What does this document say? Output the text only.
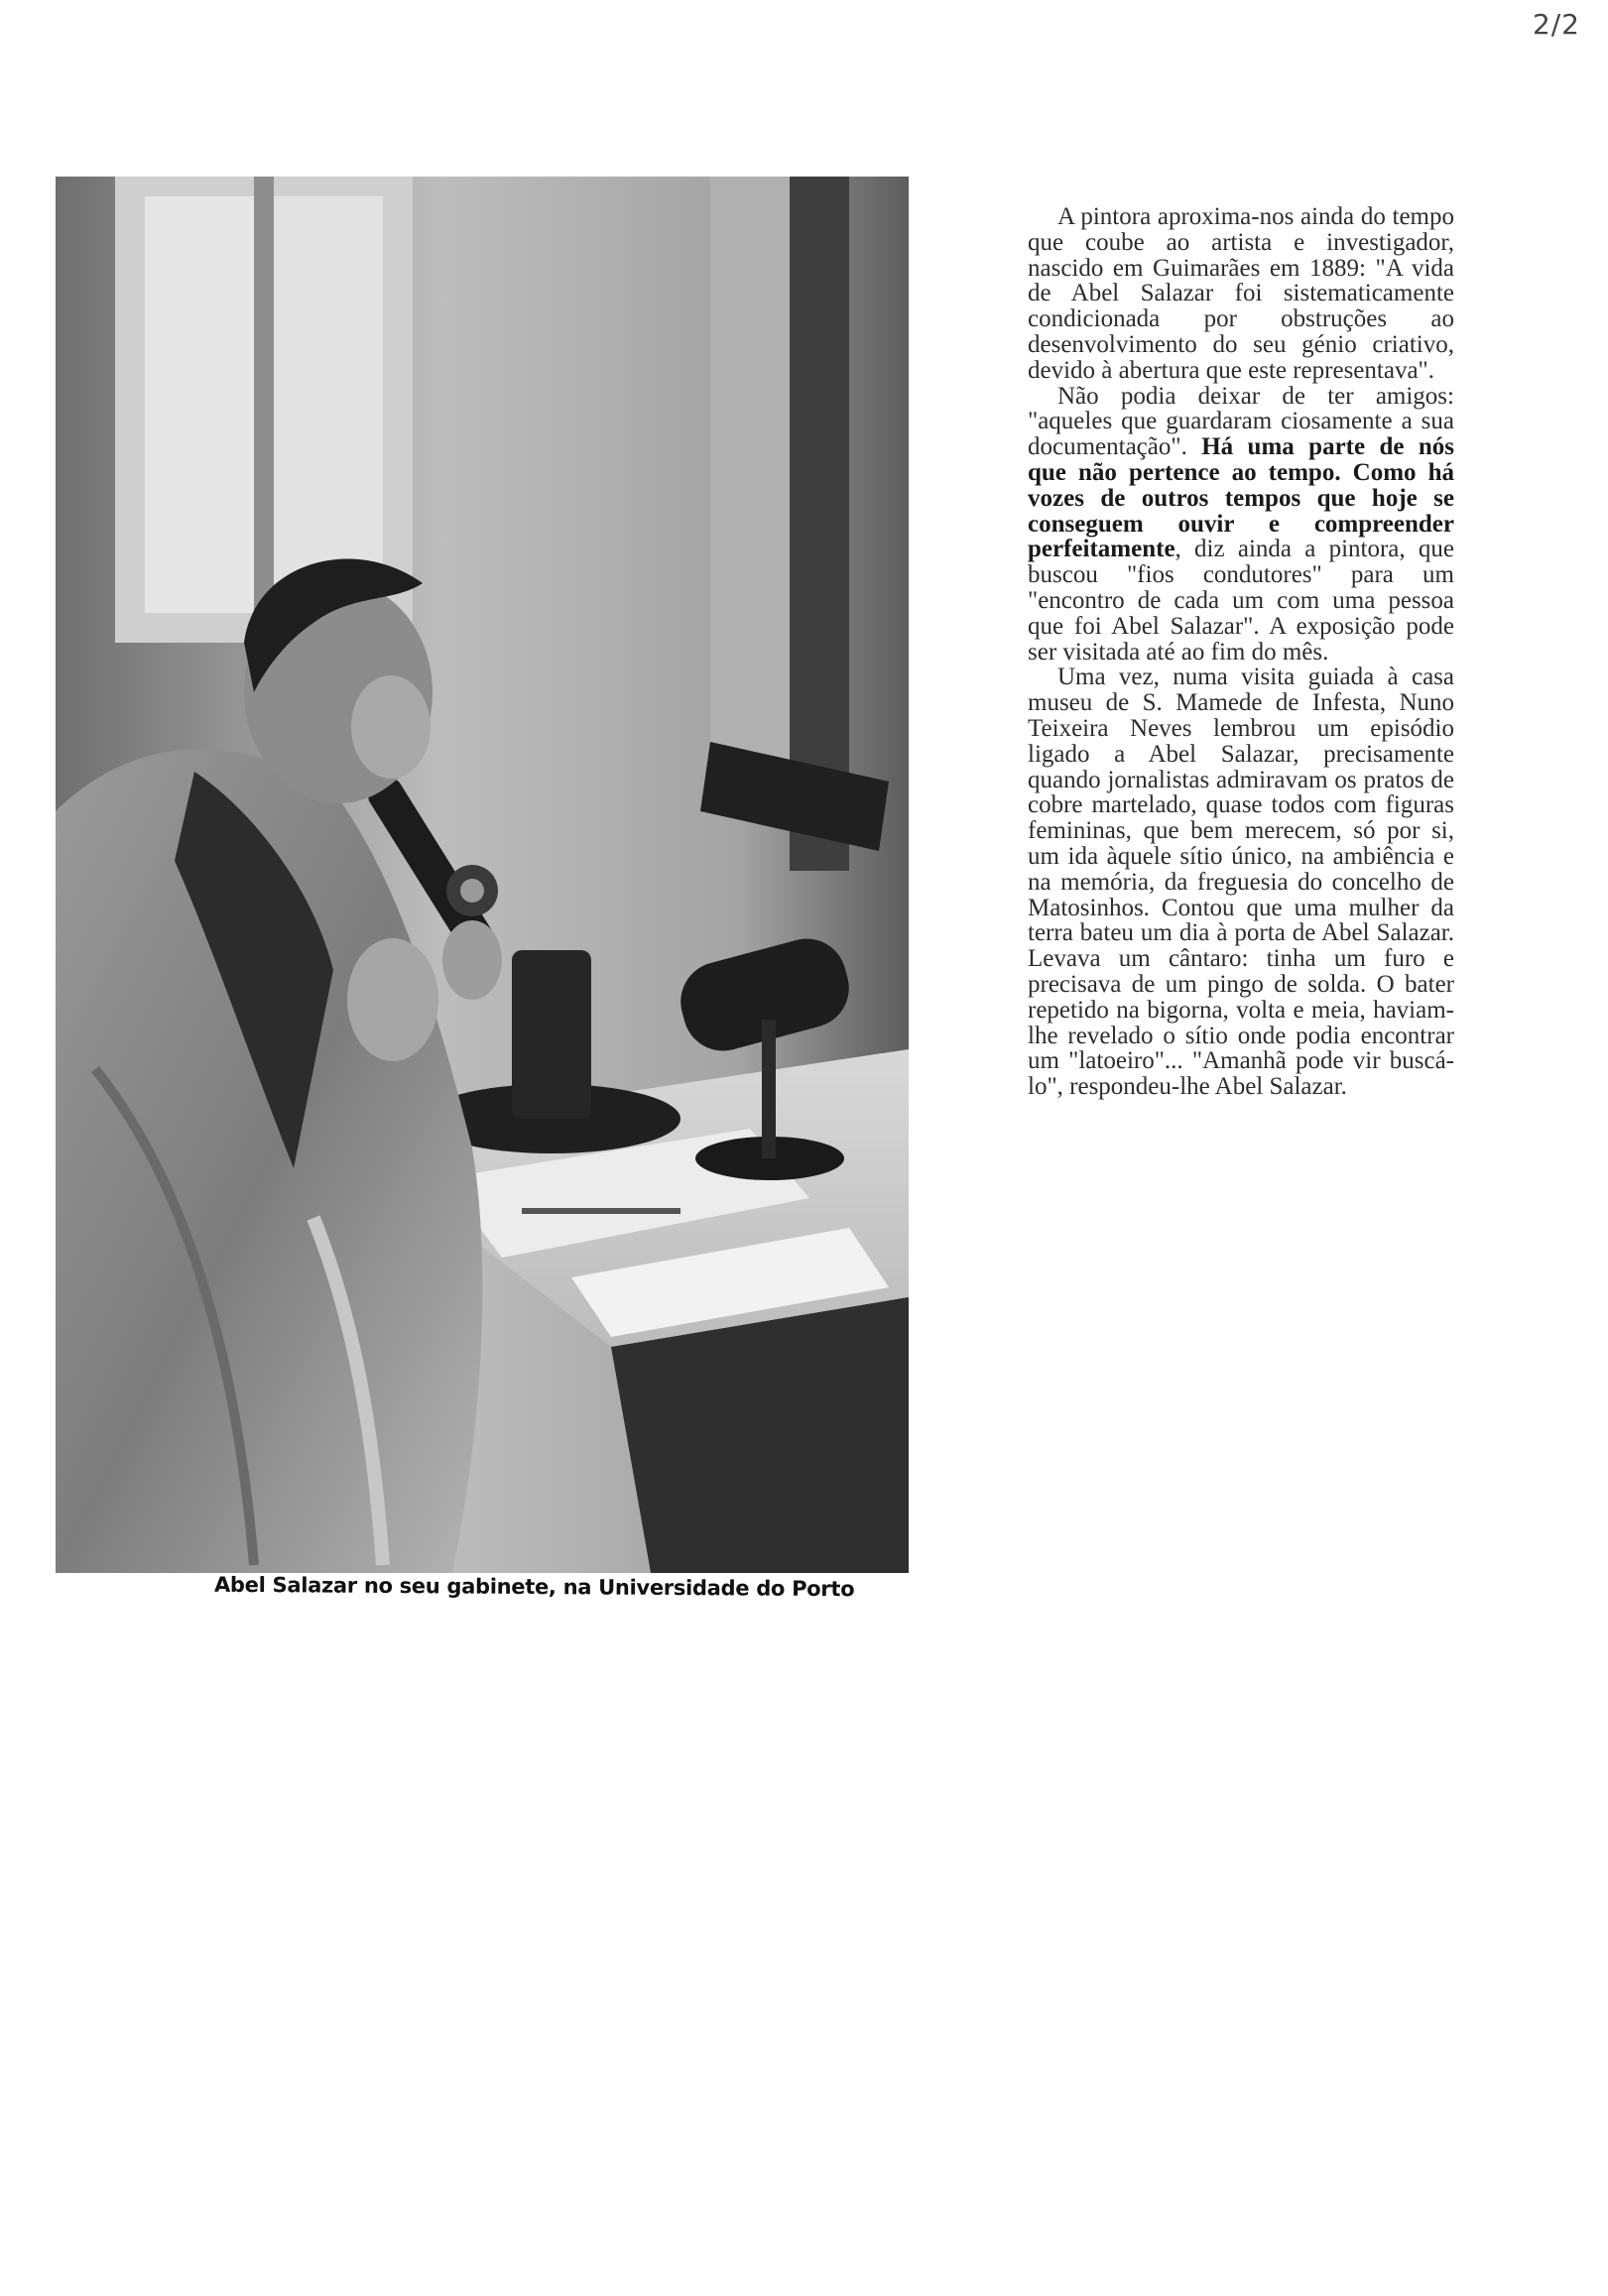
2/2
Abel Salazar no seu gabinete, na Universidade do Porto

A pintora aproxima-nos ainda do tempo que coube ao artista e investigador, nascido em Guimarães em 1889: "A vida de Abel Salazar foi sistematicamente condicionada por obstruções ao desenvolvimento do seu génio criativo, devido à abertura que este representava".

Não podia deixar de ter amigos: "aqueles que guardaram ciosamente a sua documentação". Há uma parte de nós que não pertence ao tempo. Como há vozes de outros tempos que hoje se conseguem ouvir e compreender perfeitamente, diz ainda a pintora, que buscou "fios condutores" para um "encontro de cada um com uma pessoa que foi Abel Salazar". A exposição pode ser visitada até ao fim do mês.

Uma vez, numa visita guiada à casa museu de S. Mamede de Infesta, Nuno Teixeira Neves lembrou um episódio ligado a Abel Salazar, precisamente quando jornalistas admiravam os pratos de cobre martelado, quase todos com figuras femininas, que bem merecem, só por si, um ida àquele sítio único, na ambiência e na memória, da freguesia do concelho de Matosinhos. Contou que uma mulher da terra bateu um dia à porta de Abel Salazar. Levava um cântaro: tinha um furo e precisava de um pingo de solda. O bater repetido na bigorna, volta e meia, haviam-lhe revelado o sítio onde podia encontrar um "latoeiro"... "Amanhã pode vir buscá-lo", respondeu-lhe Abel Salazar.
